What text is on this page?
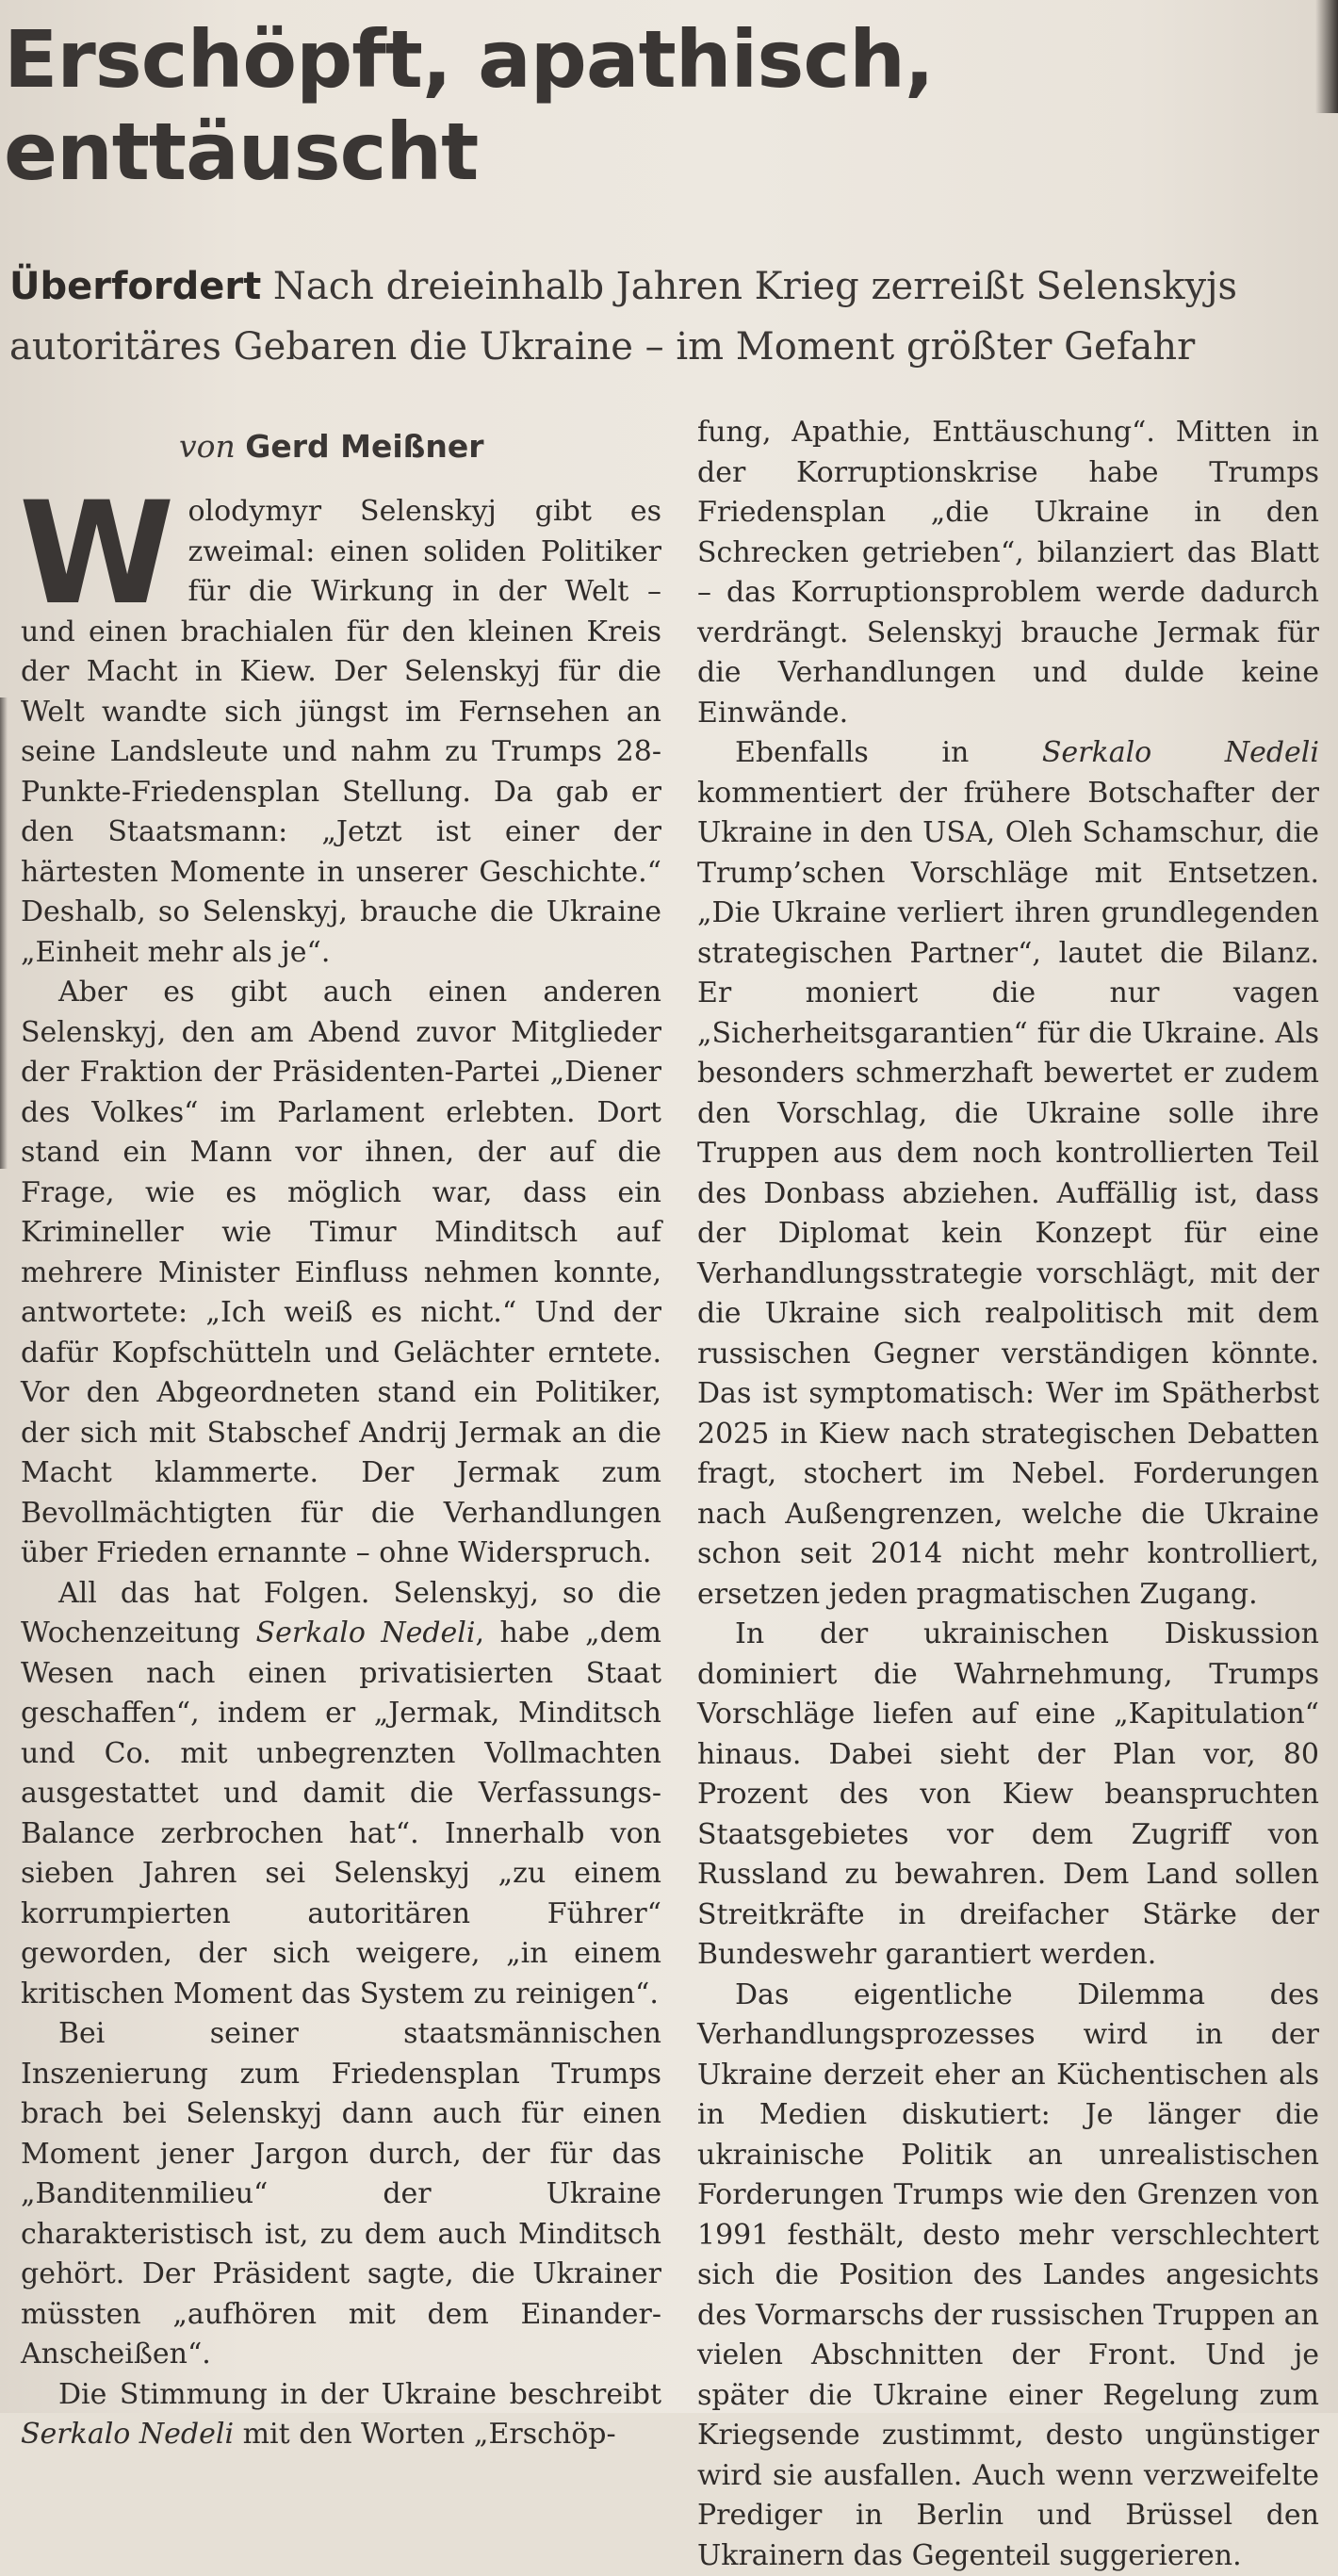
Erschöpft, apathisch, enttäuscht

Überfordert Nach dreieinhalb Jahren Krieg zerreißt Selenskyjs autoritäres Gebaren die Ukraine – im Moment größter Gefahr

von Gerd Meißner

Wolodymyr Selenskyj gibt es zweimal: einen soliden Politiker für die Wirkung in der Welt – und einen brachialen für den kleinen Kreis der Macht in Kiew. Der Selenskyj für die Welt wandte sich jüngst im Fernsehen an seine Landsleute und nahm zu Trumps 28-Punkte-Friedensplan Stellung. Da gab er den Staatsmann: „Jetzt ist einer der härtesten Momente in unserer Geschichte.“ Deshalb, so Selenskyj, brauche die Ukraine „Einheit mehr als je“.

Aber es gibt auch einen anderen Selenskyj, den am Abend zuvor Mitglieder der Fraktion der Präsidenten-Partei „Diener des Volkes“ im Parlament erlebten. Dort stand ein Mann vor ihnen, der auf die Frage, wie es möglich war, dass ein Krimineller wie Timur Minditsch auf mehrere Minister Einfluss nehmen konnte, antwortete: „Ich weiß es nicht.“ Und der dafür Kopfschütteln und Gelächter erntete. Vor den Abgeordneten stand ein Politiker, der sich mit Stabschef Andrij Jermak an die Macht klammerte. Der Jermak zum Bevollmächtigten für die Verhandlungen über Frieden ernannte – ohne Widerspruch.

All das hat Folgen. Selenskyj, so die Wochenzeitung Serkalo Nedeli, habe „dem Wesen nach einen privatisierten Staat geschaffen“, indem er „Jermak, Minditsch und Co. mit unbegrenzten Vollmachten ausgestattet und damit die Verfassungs-Balance zerbrochen hat“. Innerhalb von sieben Jahren sei Selenskyj „zu einem korrumpierten autoritären Führer“ geworden, der sich weigere, „in einem kritischen Moment das System zu reinigen“.

Bei seiner staatsmännischen Inszenierung zum Friedensplan Trumps brach bei Selenskyj dann auch für einen Moment jener Jargon durch, der für das „Banditenmilieu“ der Ukraine charakteristisch ist, zu dem auch Minditsch gehört. Der Präsident sagte, die Ukrainer müssten „aufhören mit dem Einander-Anscheißen“.

Die Stimmung in der Ukraine beschreibt Serkalo Nedeli mit den Worten „Erschöp-

fung, Apathie, Enttäuschung“. Mitten in der Korruptionskrise habe Trumps Friedensplan „die Ukraine in den Schrecken getrieben“, bilanziert das Blatt – das Korruptionsproblem werde dadurch verdrängt. Selenskyj brauche Jermak für die Verhandlungen und dulde keine Einwände.

Ebenfalls in Serkalo Nedeli kommentiert der frühere Botschafter der Ukraine in den USA, Oleh Schamschur, die Trump’schen Vorschläge mit Entsetzen. „Die Ukraine verliert ihren grundlegenden strategischen Partner“, lautet die Bilanz. Er moniert die nur vagen „Sicherheitsgarantien“ für die Ukraine. Als besonders schmerzhaft bewertet er zudem den Vorschlag, die Ukraine solle ihre Truppen aus dem noch kontrollierten Teil des Donbass abziehen. Auffällig ist, dass der Diplomat kein Konzept für eine Verhandlungsstrategie vorschlägt, mit der die Ukraine sich realpolitisch mit dem russischen Gegner verständigen könnte. Das ist symptomatisch: Wer im Spätherbst 2025 in Kiew nach strategischen Debatten fragt, stochert im Nebel. Forderungen nach Außengrenzen, welche die Ukraine schon seit 2014 nicht mehr kontrolliert, ersetzen jeden pragmatischen Zugang.

In der ukrainischen Diskussion dominiert die Wahrnehmung, Trumps Vorschläge liefen auf eine „Kapitulation“ hinaus. Dabei sieht der Plan vor, 80 Prozent des von Kiew beanspruchten Staatsgebietes vor dem Zugriff von Russland zu bewahren. Dem Land sollen Streitkräfte in dreifacher Stärke der Bundeswehr garantiert werden.

Das eigentliche Dilemma des Verhandlungsprozesses wird in der Ukraine derzeit eher an Küchentischen als in Medien diskutiert: Je länger die ukrainische Politik an unrealistischen Forderungen Trumps wie den Grenzen von 1991 festhält, desto mehr verschlechtert sich die Position des Landes angesichts des Vormarschs der russischen Truppen an vielen Abschnitten der Front. Und je später die Ukraine einer Regelung zum Kriegsende zustimmt, desto ungünstiger wird sie ausfallen. Auch wenn verzweifelte Prediger in Berlin und Brüssel den Ukrainern das Gegenteil suggerieren.
